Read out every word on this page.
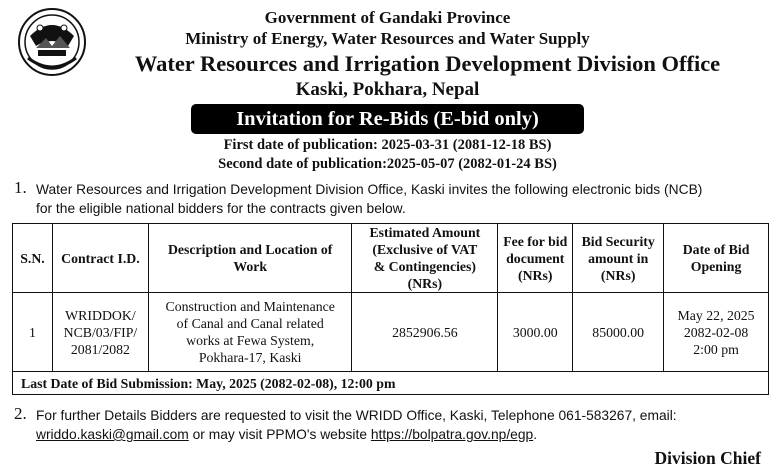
Government of Gandaki Province
Ministry of Energy, Water Resources and Water Supply
Water Resources and Irrigation Development Division Office
Kaski, Pokhara, Nepal
Invitation for Re-Bids (E-bid only)
First date of publication: 2025-03-31 (2081-12-18 BS)
Second date of publication:2025-05-07 (2082-01-24 BS)
1. Water Resources and Irrigation Development Division Office, Kaski invites the following electronic bids (NCB)
for the eligible national bidders for the contracts given below.
S.N.	Contract I.D.	Description and Location of
Work	Estimated Amount
(Exclusive of VAT
& Contingencies)
(NRs)	Fee for bid
document
(NRs)	Bid Security
amount in
(NRs)	Date of Bid
Opening
1	WRIDDOK/
NCB/03/FIP/
2081/2082	Construction and Maintenance
of Canal and Canal related
works at Fewa System,
Pokhara-17, Kaski	2852906.56	3000.00	85000.00	May 22, 2025
2082-02-08
2:00 pm
Last Date of Bid Submission: May, 2025 (2082-02-08), 12:00 pm						
2. For further Details Bidders are requested to visit the WRIDD Office, Kaski, Telephone 061-583267, email:
wriddo.kaski@gmail.com or may visit PPMO's website https://bolpatra.gov.np/egp.
Division Chief
